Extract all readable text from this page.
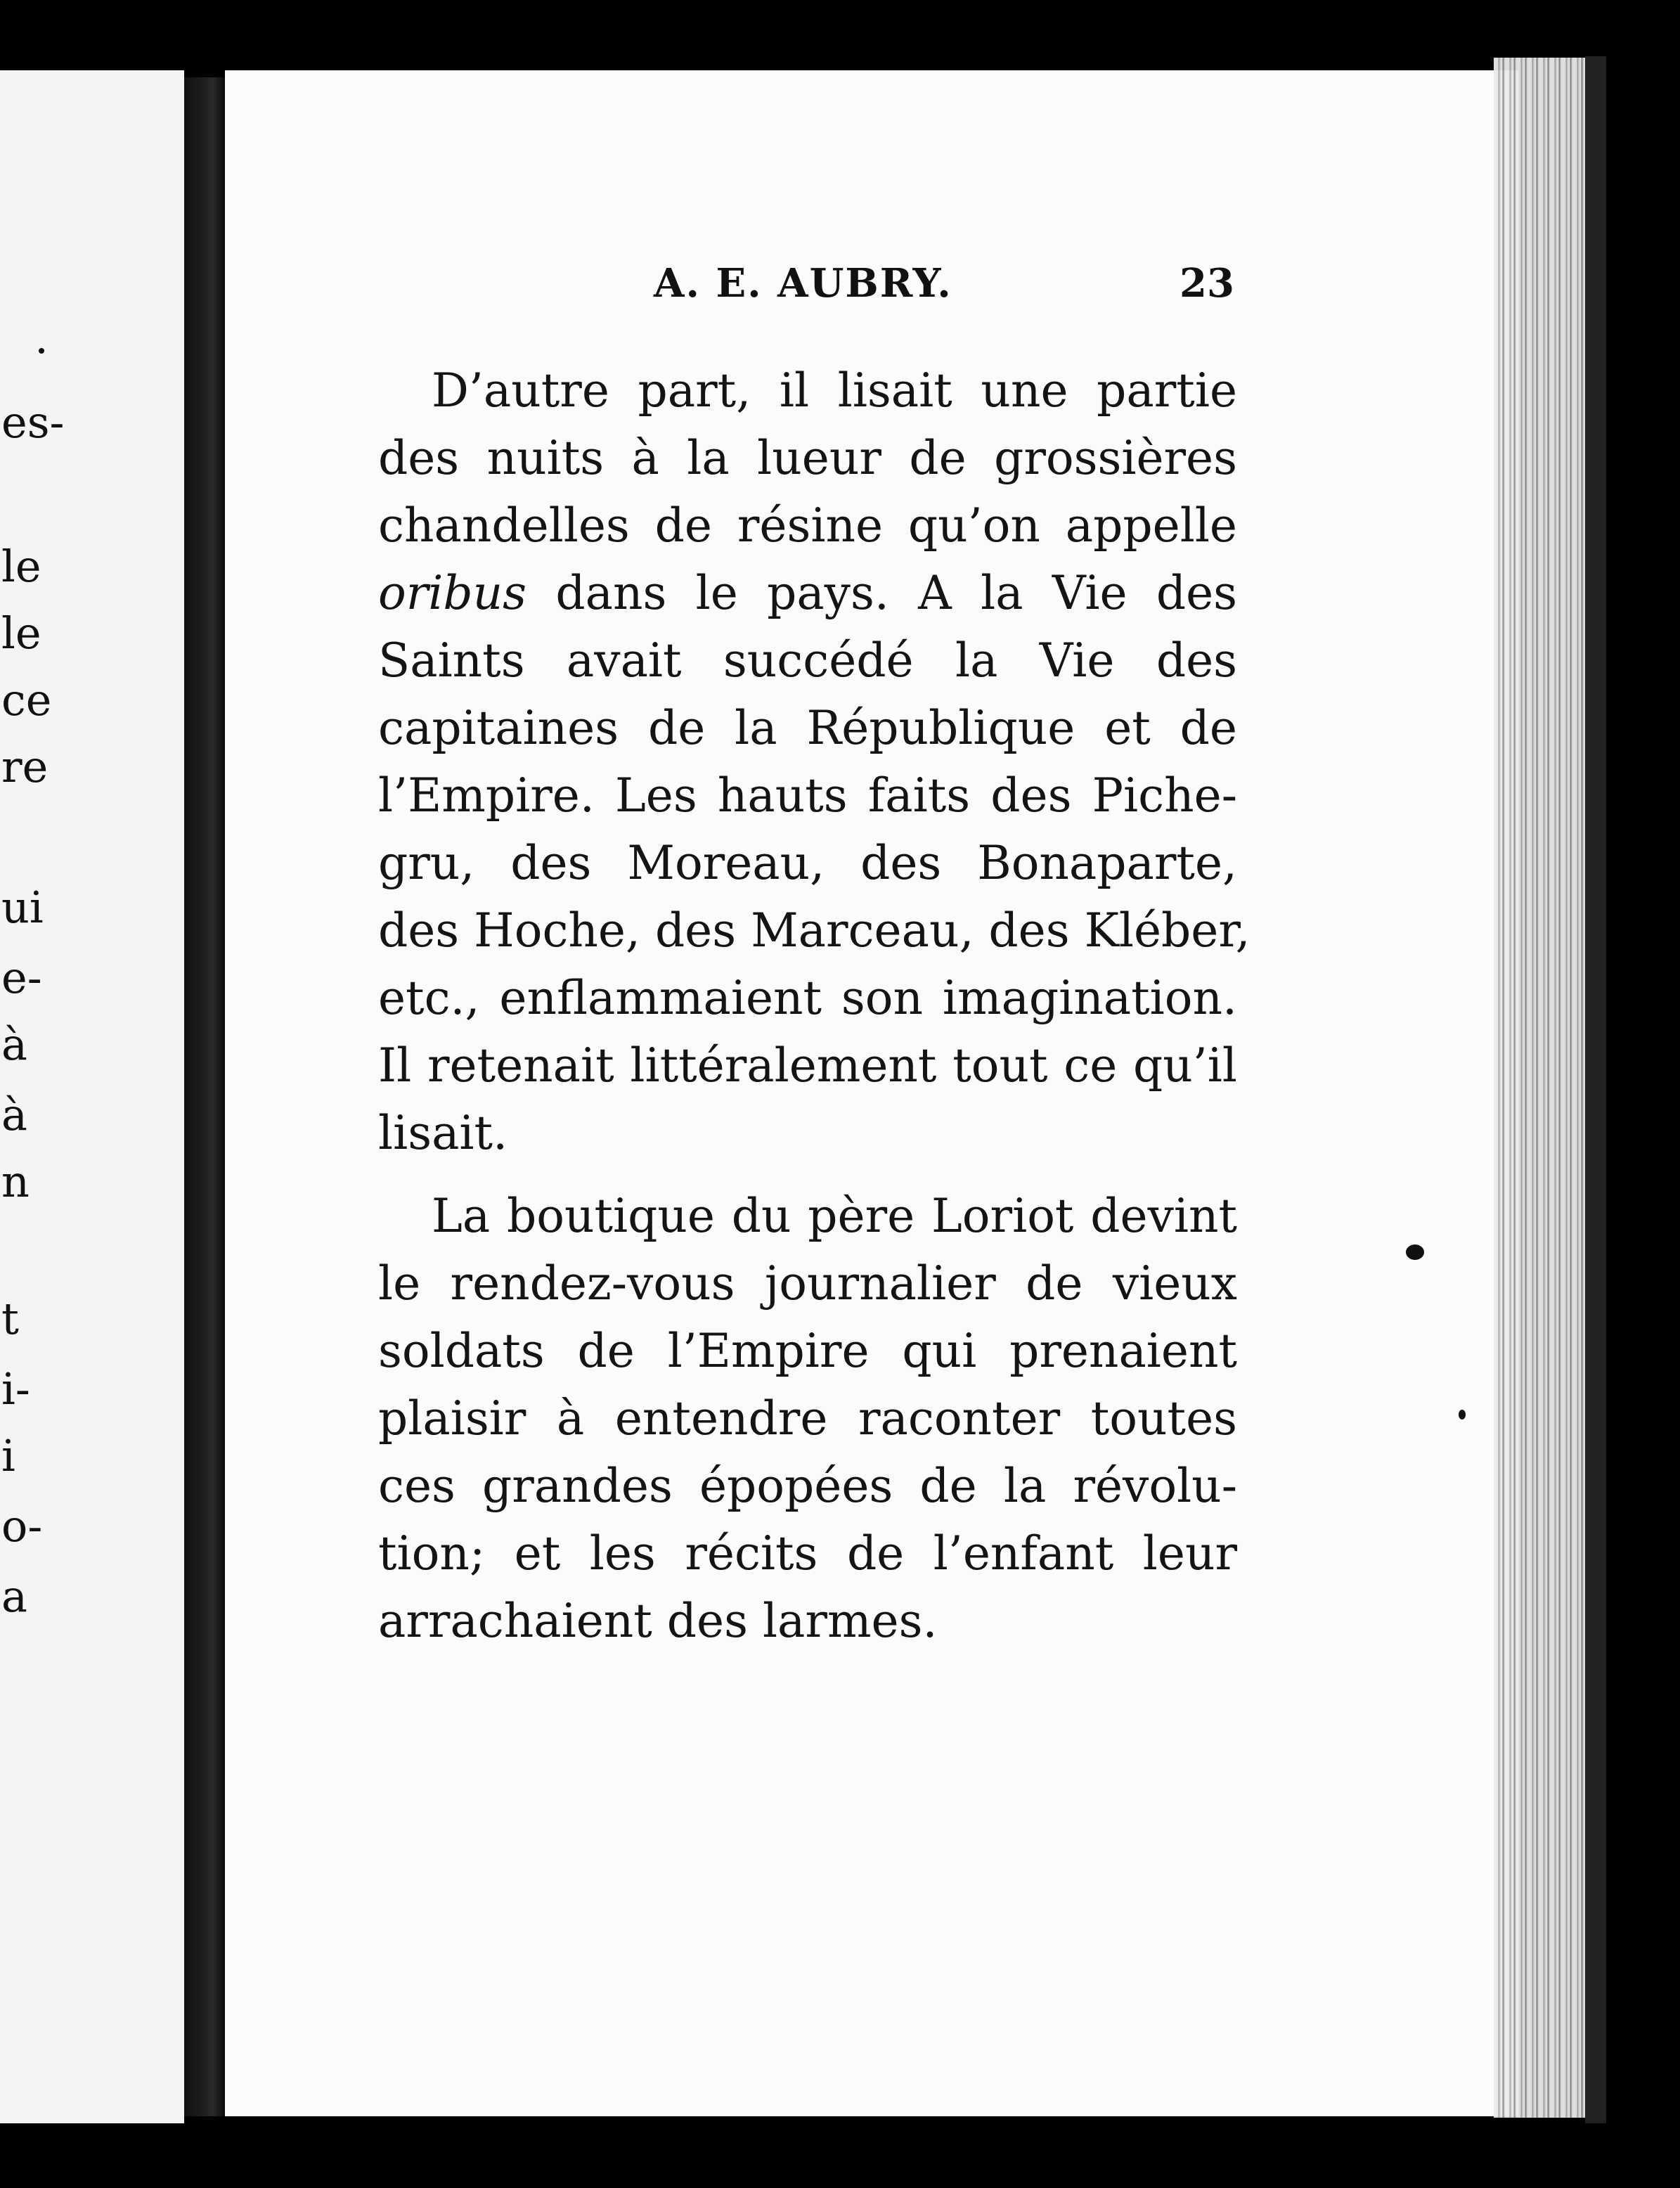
es-
le
le
ce
re
ui
e-
à
à
n
t
i-
i
o-
a
A. E. AUBRY.	23

D’autre part, il lisait une partie
des nuits à la lueur de grossières
chandelles de résine qu’on appelle
oribus dans le pays. A la Vie des
Saints avait succédé la Vie des
capitaines de la République et de
l’Empire. Les hauts faits des Piche-
gru, des Moreau, des Bonaparte,
des Hoche, des Marceau, des Kléber,
etc., enflammaient son imagination.
Il retenait littéralement tout ce qu’il
lisait.

La boutique du père Loriot devint
le rendez-vous journalier de vieux
soldats de l’Empire qui prenaient
plaisir à entendre raconter toutes
ces grandes épopées de la révolu-
tion; et les récits de l’enfant leur
arrachaient des larmes.
